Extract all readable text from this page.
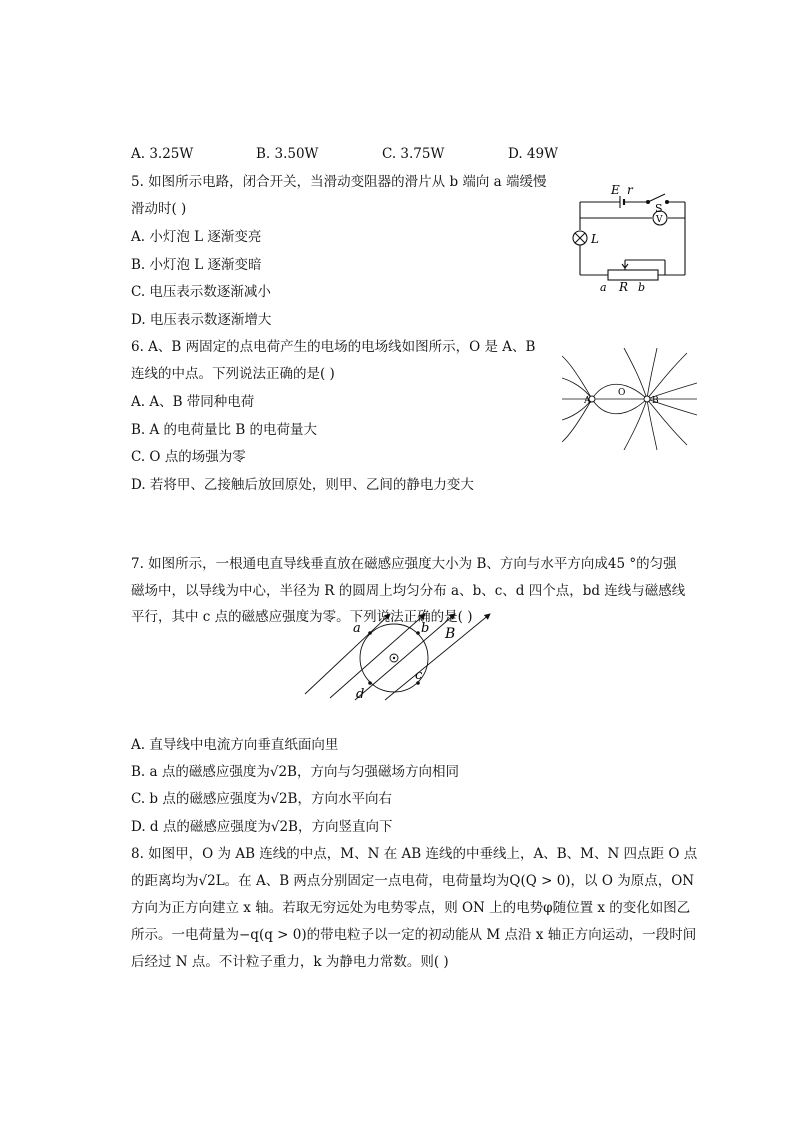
A. 3.25W	B. 3.50W	C. 3.75W	D. 49W
5. 如图所示电路，闭合开关，当滑动变阻器的滑片从 b 端向 a 端缓慢
滑动时( )
A. 小灯泡 L 逐渐变亮
B. 小灯泡 L 逐渐变暗
C. 电压表示数逐渐减小
D. 电压表示数逐渐增大
E r
S
V
L
a R b
6. A、B 两固定的点电荷产生的电场的电场线如图所示，O 是 A、B
连线的中点。下列说法正确的是( )
A. A、B 带同种电荷
B. A 的电荷量比 B 的电荷量大
C. O 点的场强为零
D. 若将甲、乙接触后放回原处，则甲、乙间的静电力变大
A
O
B
7. 如图所示，一根通电直导线垂直放在磁感应强度大小为 B、方向与水平方向成45 °的匀强
磁场中，以导线为中心，半径为 R 的圆周上均匀分布 a、b、c、d 四个点，bd 连线与磁感线
平行，其中 c 点的磁感应强度为零。下列说法正确的是( )
a	b B
c
d
A. 直导线中电流方向垂直纸面向里
B. a 点的磁感应强度为√2B，方向与匀强磁场方向相同
C. b 点的磁感应强度为√2B，方向水平向右
D. d 点的磁感应强度为√2B，方向竖直向下
8. 如图甲，O 为 AB 连线的中点，M、N 在 AB 连线的中垂线上，A、B、M、N 四点距 O 点
的距离均为√2L。在 A、B 两点分别固定一点电荷，电荷量均为Q(Q > 0)，以 O 为原点，ON
方向为正方向建立 x 轴。若取无穷远处为电势零点，则 ON 上的电势φ随位置 x 的变化如图乙
所示。一电荷量为−q(q > 0)的带电粒子以一定的初动能从 M 点沿 x 轴正方向运动，一段时间
后经过 N 点。不计粒子重力，k 为静电力常数。则( )
